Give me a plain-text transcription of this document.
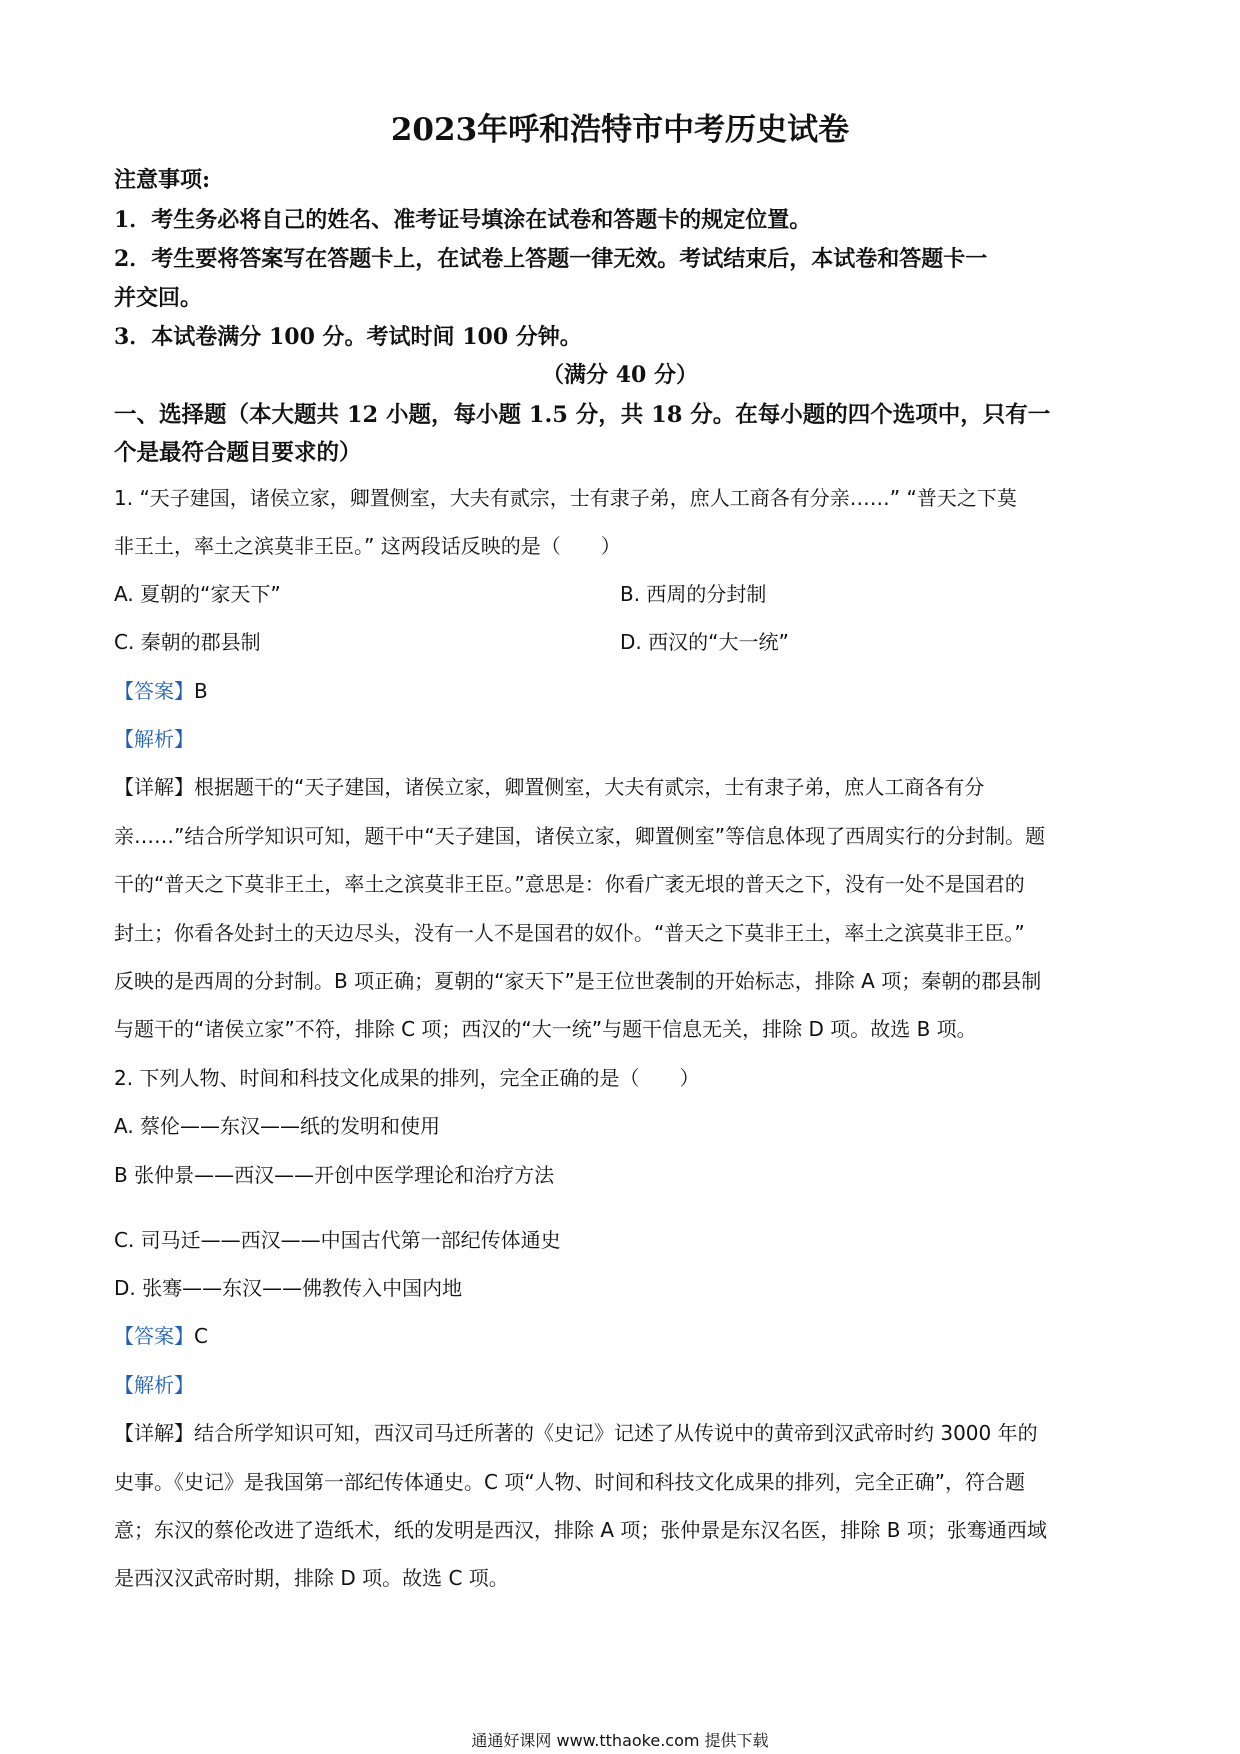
2023年呼和浩特市中考历史试卷
注意事项:
1．考生务必将自己的姓名、准考证号填涂在试卷和答题卡的规定位置。
2．考生要将答案写在答题卡上，在试卷上答题一律无效。考试结束后，本试卷和答题卡一
并交回。
3．本试卷满分 100 分。考试时间 100 分钟。
（满分 40 分）
一、选择题（本大题共 12 小题，每小题 1.5 分，共 18 分。在每小题的四个选项中，只有一
个是最符合题目要求的）
1. “天子建国，诸侯立家，卿置侧室，大夫有贰宗，士有隶子弟，庶人工商各有分亲……” “普天之下莫
非王土，率土之滨莫非王臣。” 这两段话反映的是（　　）
A. 夏朝的“家天下”	B. 西周的分封制
C. 秦朝的郡县制	D. 西汉的“大一统”
【答案】B
【解析】
【详解】根据题干的“天子建国，诸侯立家，卿置侧室，大夫有贰宗，士有隶子弟，庶人工商各有分
亲……”结合所学知识可知，题干中“天子建国，诸侯立家，卿置侧室”等信息体现了西周实行的分封制。题
干的“普天之下莫非王土，率土之滨莫非王臣。”意思是：你看广袤无垠的普天之下，没有一处不是国君的
封土；你看各处封土的天边尽头，没有一人不是国君的奴仆。“普天之下莫非王土，率土之滨莫非王臣。”
反映的是西周的分封制。B 项正确；夏朝的“家天下”是王位世袭制的开始标志，排除 A 项；秦朝的郡县制
与题干的“诸侯立家”不符，排除 C 项；西汉的“大一统”与题干信息无关，排除 D 项。故选 B 项。
2. 下列人物、时间和科技文化成果的排列，完全正确的是（　　）
A. 蔡伦——东汉——纸的发明和使用
B 张仲景——西汉——开创中医学理论和治疗方法
C. 司马迁——西汉——中国古代第一部纪传体通史
D. 张骞——东汉——佛教传入中国内地
【答案】C
【解析】
【详解】结合所学知识可知，西汉司马迁所著的《史记》记述了从传说中的黄帝到汉武帝时约 3000 年的
史事。《史记》是我国第一部纪传体通史。C 项“人物、时间和科技文化成果的排列，完全正确”，符合题
意；东汉的蔡伦改进了造纸术，纸的发明是西汉，排除 A 项；张仲景是东汉名医，排除 B 项；张骞通西域
是西汉汉武帝时期，排除 D 项。故选 C 项。
通通好课网 www.tthaoke.com 提供下载
